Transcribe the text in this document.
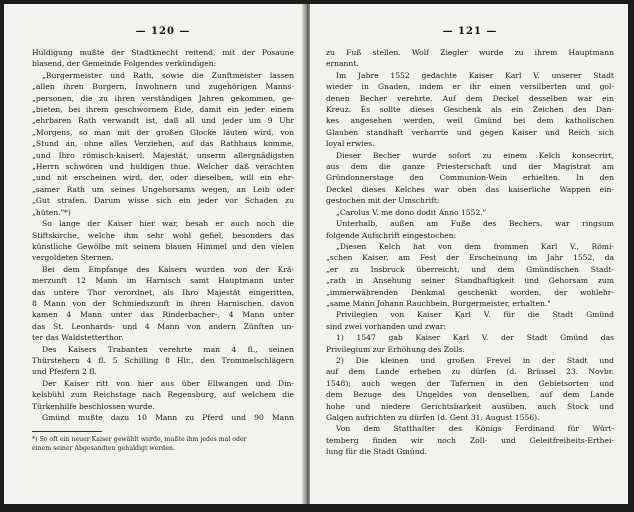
— 120 —
Huldigung mußte der Stadtknecht reitend, mit der Posaune
blasend, der Gemeinde Folgendes verkündigen:
„Burgermeister und Rath, sowie die Zunftmeister lassen
„allen ihren Burgern, Inwohnern und zugehörigen Manns-
„personen, die zu ihren verständigen Jahren gekommen, ge-
„bieten, bei ihrem geschwornem Eide, damit ein jeder einem
„ehrbaren Rath verwandt ist, daß all und jeder um 9 Uhr
„Morgens, so man mit der großen Glocke läuten wird, von
„Stund an, ohne alles Verziehen, auf das Rathhaus komme,
„und Ihro römisch-kaiserl. Majestät, unserm allergnädigsten
„Herrn schwören und huldigen thue. Welcher daß verachten
„und nit erscheinen wird, der, oder dieselben, will ein ehr-
„samer Rath um seines Ungehorsams wegen, an Leib oder
„Gut strafen. Darum wisse sich ein jeder vor Schaden zu
„hüten."*)
So lange der Kaiser hier war, besah er auch noch die
Stiftskirche, welche ihm sehr wohl gefiel, besonders das
künstliche Gewölbe mit seinem blauen Himmel und den vielen
vergoldeten Sternen.
Bei dem Empfange des Kaisers wurden von der Krä-
merzunft 12 Mann im Harnisch samt Hauptmann unter
das untere Thor verordnet, als Ihro Majestät eingeritten,
8 Mann von der Schmiedszunft in ihren Harnischen, davon
kamen 4 Mann unter das Rinderbacher-, 4 Mann unter
das St. Leonhards- und 4 Mann von andern Zünften un-
ter das Waldstetterthor.
Des Kaisers Trabanten verehrte man 4 fl., seinen
Thürstehern 4 fl. 5 Schilling 8 Hlr., den Trommelschlägern
und Pfeifern 2 fl.
Der Kaiser ritt von hier aus über Ellwangen und Din-
kelsbühl zum Reichstage nach Regensburg, auf welchem die
Türkenhilfe beschlossen wurde.
Gmünd mußte dazu 10 Mann zu Pferd und 90 Mann
*) So oft ein neuer Kaiser gewählt wurde, mußte ihm jedes mal oder
einem seiner Abgesandten gehuldigt werden.
— 121 —
zu Fuß stellen. Wolf Ziegler wurde zu ihrem Hauptmann
ernannt.
Im Jahre 1552 gedachte Kaiser Karl V. unserer Stadt
wieder in Gnaden, indem er ihr einen versilberten und gol-
denen Becher verehrte. Auf dem Deckel desselben war ein
Kreuz. Es sollte dieses Geschenk als ein Zeichen des Dan-
kes angesehen werden, weil Gmünd bei dem katholischen
Glauben standhaft verharrte und gegen Kaiser und Reich sich
loyal erwies.
Dieser Becher wurde sofort zu einem Kelch konsecrirt,
aus dem die ganze Priesterschaft und der Magistrat am
Gründonnerstage den Communion-Wein erhielten. In den
Deckel dieses Kelches war oben das kaiserliche Wappen ein-
gestochen mit der Umschrift:
„Carolus V. me dono dodit Anno 1552."
Unterhalb, außen am Fuße des Bechers, war ringsum
folgende Aufschrift eingestochen:
„Diesen Kelch hat von dem frommen Karl V., Römi-
„schen Kaiser, am Fest der Erscheinung im Jahr 1552, da
„er zu Insbruck überreicht, und dem Gmündischen Stadt-
„rath in Ansehung seiner Standhaftigkeit und Gehorsam zum
„immerwährenden Denkmal geschenkt worden, der wohlehr-
„same Mann Johann Rauchbein, Burgermeister, erhalten."
Privilegien von Kaiser Karl V. für die Stadt Gmünd
sind zwei vorhanden und zwar:
1) 1547 gab Kaiser Karl V. der Stadt Gmünd das
Privilegium zur Erhöhung des Zolls.
2) Die kleinen und großen Frevel in der Stadt und
auf dem Lande erheben zu dürfen (d. Brüssel 23. Novbr.
1548); auch wegen der Tafernen in den Gebietsorten und
dem Bezuge des Ungeldes von denselben, auf dem Lande
hohe und niedere Gerichtsbarkeit ausüben, auch Stock und
Galgen aufrichten zu dürfen (d. Gent 31. August 1556).
Von dem Statthalter des Königs Ferdinand für Würt-
temberg finden wir noch Zoll- und Geleitfreiheits-Erthei-
lung für die Stadt Gmünd.
